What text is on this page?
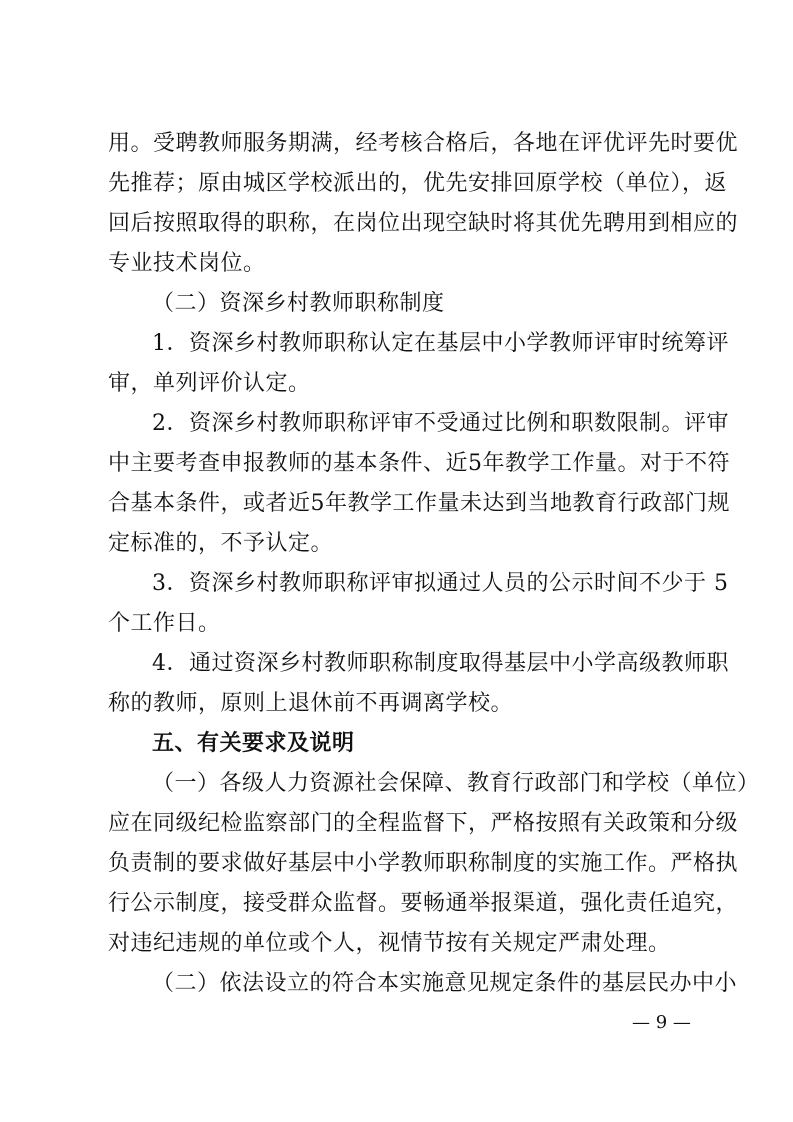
用。受聘教师服务期满，经考核合格后，各地在评优评先时要优
先推荐；原由城区学校派出的，优先安排回原学校（单位），返
回后按照取得的职称，在岗位出现空缺时将其优先聘用到相应的
专业技术岗位。
（二）资深乡村教师职称制度
1．资深乡村教师职称认定在基层中小学教师评审时统筹评
审，单列评价认定。
2．资深乡村教师职称评审不受通过比例和职数限制。评审
中主要考查申报教师的基本条件、近5年教学工作量。对于不符
合基本条件，或者近5年教学工作量未达到当地教育行政部门规
定标准的，不予认定。
3．资深乡村教师职称评审拟通过人员的公示时间不少于 5
个工作日。
4．通过资深乡村教师职称制度取得基层中小学高级教师职
称的教师，原则上退休前不再调离学校。
五、有关要求及说明
（一）各级人力资源社会保障、教育行政部门和学校（单位）
应在同级纪检监察部门的全程监督下，严格按照有关政策和分级
负责制的要求做好基层中小学教师职称制度的实施工作。严格执
行公示制度，接受群众监督。要畅通举报渠道，强化责任追究，
对违纪违规的单位或个人，视情节按有关规定严肃处理。
（二）依法设立的符合本实施意见规定条件的基层民办中小
— 9 —
